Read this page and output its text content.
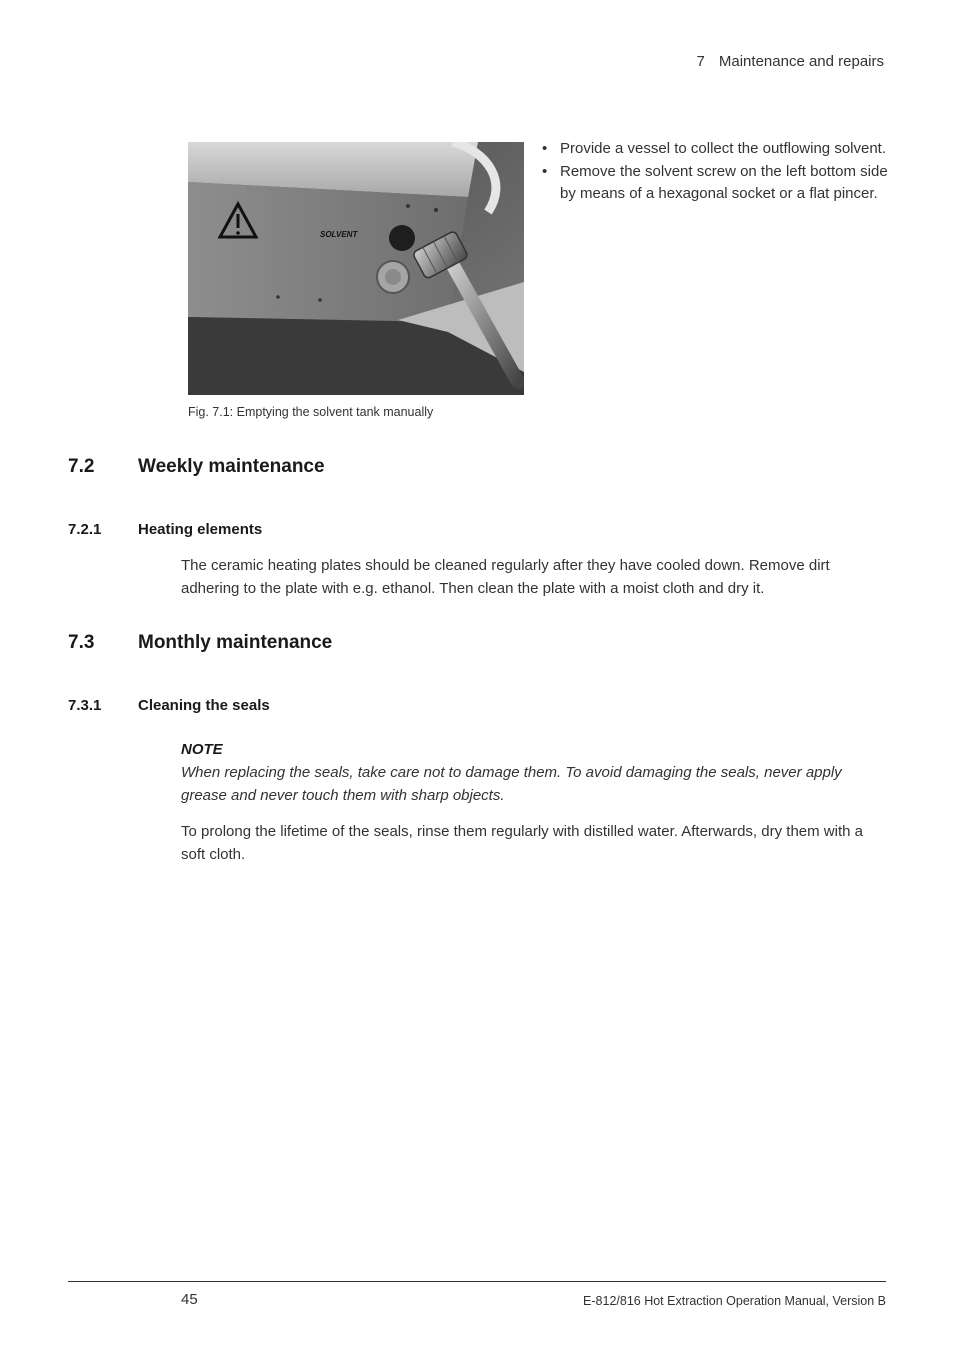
7 Maintenance and repairs
SOLVENT
Fig. 7.1: Emptying the solvent tank manually
• Provide a vessel to collect the outflowing solvent.
• Remove the solvent screw on the left bottom side by means of a hexagonal socket or a flat pincer.
7.2 Weekly maintenance
7.2.1 Heating elements

The ceramic heating plates should be cleaned regularly after they have cooled down. Remove dirt adhering to the plate with e.g. ethanol. Then clean the plate with a moist cloth and dry it.

7.3 Monthly maintenance
7.3.1 Cleaning the seals
NOTE

When replacing the seals, take care not to damage them. To avoid damaging the seals, never apply grease and never touch them with sharp objects.

To prolong the lifetime of the seals, rinse them regularly with distilled water. Afterwards, dry them with a soft cloth.

45	E-812/816 Hot Extraction Operation Manual, Version B
